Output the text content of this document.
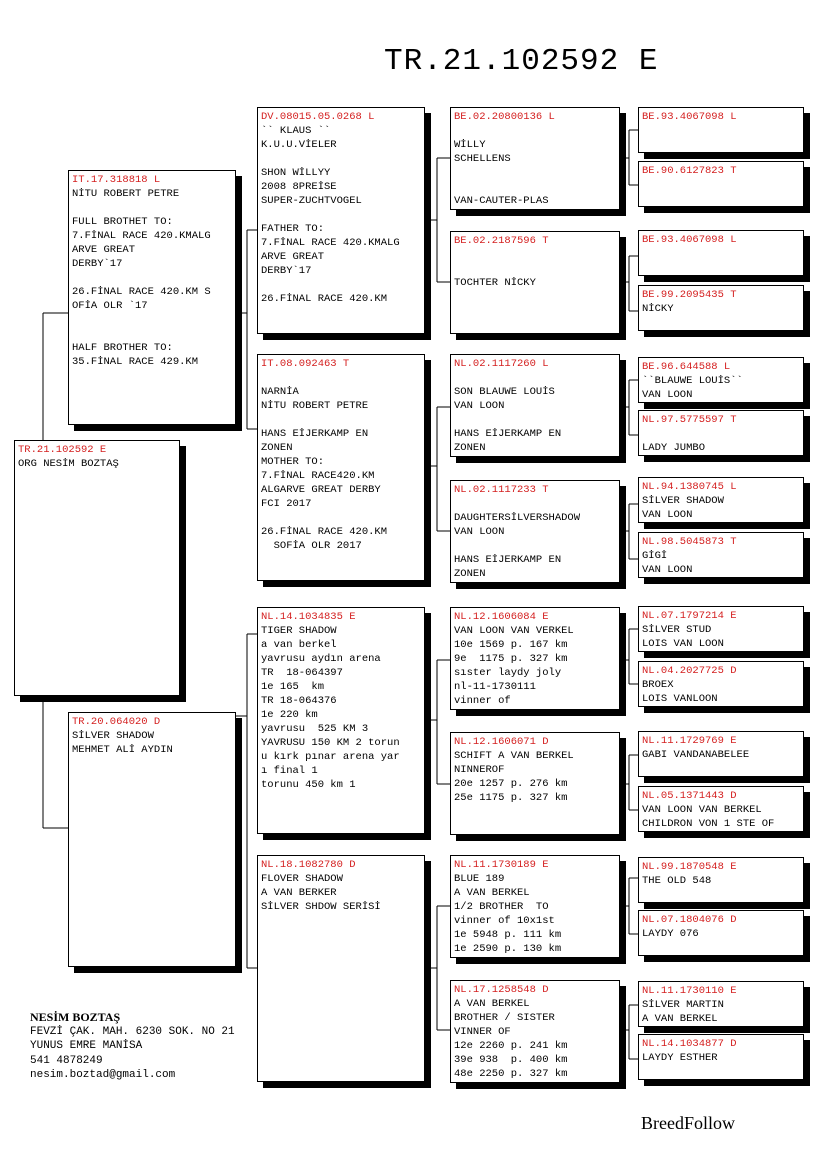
TR.21.102592 E
TR.21.102592 E
ORG NESİM BOZTAŞ
IT.17.318818 L
NİTU ROBERT PETRE
FULL BROTHET TO:
7.FİNAL RACE 420.KMALG
ARVE GREAT
DERBY`17
26.FİNAL RACE 420.KM S
OFİA OLR `17
HALF BROTHER TO:
35.FİNAL RACE 429.KM
TR.20.064020 D
SİLVER SHADOW
MEHMET ALİ AYDIN
DV.08015.05.0268 L
`` KLAUS ``
K.U.U.VİELER
SHON WİLLYY
2008 8PREİSE
SUPER-ZUCHTVOGEL
FATHER TO:
7.FİNAL RACE 420.KMALG
ARVE GREAT
DERBY`17
26.FİNAL RACE 420.KM
IT.08.092463 T
NARNİA
NİTU ROBERT PETRE
HANS EİJERKAMP EN
ZONEN
MOTHER TO:
7.FİNAL RACE420.KM
ALGARVE GREAT DERBY
FCI 2017
26.FİNAL RACE 420.KM
SOFİA OLR 2017
NL.14.1034835 E
TIGER SHADOW
a van berkel
yavrusu aydın arena
TR  18-064397
1e 165  km
TR 18-064376
1e 220 km
yavrusu  525 KM 3
YAVRUSU 150 KM 2 torun
u kırk pınar arena yar
ı final 1
torunu 450 km 1
NL.18.1082780 D
FLOVER SHADOW
A VAN BERKER
SİLVER SHDOW SERİSİ
BE.02.20800136 L
WİLLY
SCHELLENS
VAN-CAUTER-PLAS
BE.02.2187596 T
TOCHTER NİCKY
NL.02.1117260 L
SON BLAUWE LOUİS
VAN LOON
HANS EİJERKAMP EN
ZONEN
NL.02.1117233 T
DAUGHTERSİLVERSHADOW
VAN LOON
HANS EİJERKAMP EN
ZONEN
NL.12.1606084 E
VAN LOON VAN VERKEL
10e 1569 p. 167 km
9e  1175 p. 327 km
sıster laydy joly
nl-11-1730111
vinner of
NL.12.1606071 D
SCHIFT A VAN BERKEL
NINNEROF
20e 1257 p. 276 km
25e 1175 p. 327 km
NL.11.1730189 E
BLUE 189
A VAN BERKEL
1/2 BROTHER  TO
vinner of 10x1st
1e 5948 p. 111 km
1e 2590 p. 130 km
NL.17.1258548 D
A VAN BERKEL
BROTHER / SISTER
VINNER OF
12e 2260 p. 241 km
39e 938  p. 400 km
48e 2250 p. 327 km
BE.93.4067098 L
BE.90.6127823 T
BE.93.4067098 L
BE.99.2095435 T
NİCKY
BE.96.644588 L
``BLAUWE LOUİS``
VAN LOON
NL.97.5775597 T
LADY JUMBO
NL.94.1380745 L
SİLVER SHADOW
VAN LOON
NL.98.5045873 T
GİGİ
VAN LOON
NL.07.1797214 E
SİLVER STUD
LOIS VAN LOON
NL.04.2027725 D
BROEX
LOIS VANLOON
NL.11.1729769 E
GABI VANDANABELEE
NL.05.1371443 D
VAN LOON VAN BERKEL
CHILDRON VON 1 STE OF
NL.99.1870548 E
THE OLD 548
NL.07.1804076 D
LAYDY 076
NL.11.1730110 E
SİLVER MARTIN
A VAN BERKEL
NL.14.1034877 D
LAYDY ESTHER
NESİM BOZTAŞ
FEVZİ ÇAK. MAH. 6230 SOK. NO 21
YUNUS EMRE MANİSA
541 4878249
nesim.boztad@gmail.com
BreedFollow
